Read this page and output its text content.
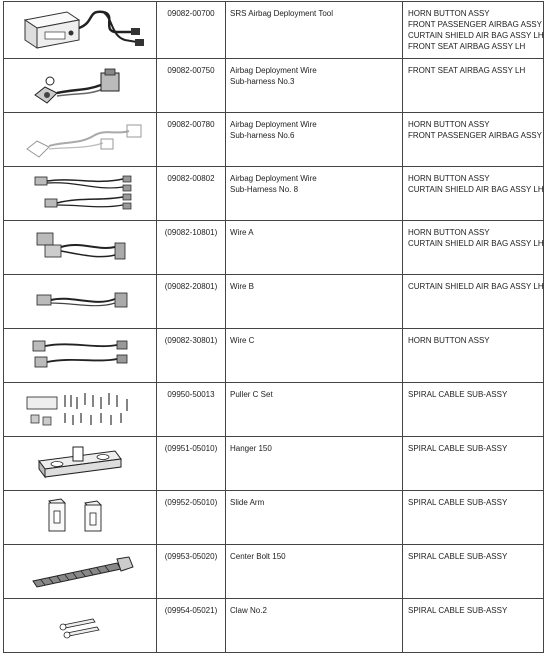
	09082-00700	SRS Airbag Deployment Tool	HORN BUTTON ASSY
FRONT PASSENGER AIRBAG ASSY
CURTAIN SHIELD AIR BAG ASSY LH
FRONT SEAT AIRBAG ASSY LH

	09082-00750	Airbag Deployment Wire
Sub-harness No.3	FRONT SEAT AIRBAG ASSY LH

	09082-00780	Airbag Deployment Wire
Sub-harness No.6	HORN BUTTON ASSY
FRONT PASSENGER AIRBAG ASSY

	09082-00802	Airbag Deployment Wire
Sub-Harness No. 8	HORN BUTTON ASSY
CURTAIN SHIELD AIR BAG ASSY LH

	(09082-10801)	Wire A	HORN BUTTON ASSY
CURTAIN SHIELD AIR BAG ASSY LH

	(09082-20801)	Wire B	CURTAIN SHIELD AIR BAG ASSY LH

	(09082-30801)	Wire C	HORN BUTTON ASSY

	09950-50013	Puller C Set	SPIRAL CABLE SUB-ASSY

	(09951-05010)	Hanger 150	SPIRAL CABLE SUB-ASSY

	(09952-05010)	Slide Arm	SPIRAL CABLE SUB-ASSY

	(09953-05020)	Center Bolt 150	SPIRAL CABLE SUB-ASSY

	(09954-05021)	Claw No.2	SPIRAL CABLE SUB-ASSY
